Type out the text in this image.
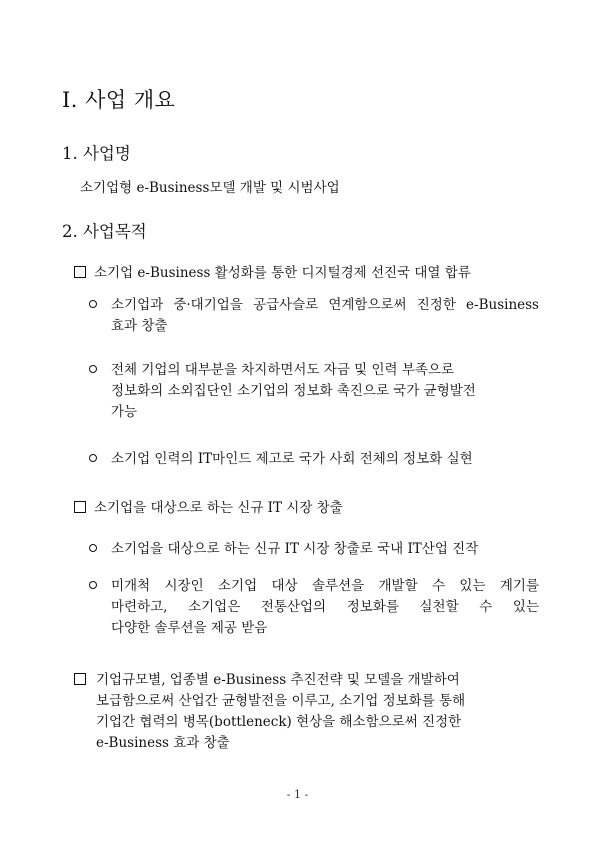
Ⅰ. 사업 개요
1. 사업명
소기업형 e-Business모델 개발 및 시범사업
2. 사업목적
소기업 e-Business 활성화를 통한 디지털경제 선진국 대열 합류
소기업과 중·대기업을 공급사슬로 연계함으로써 진정한 e-Business
효과 창출
전체 기업의 대부분을 차지하면서도 자금 및 인력 부족으로
정보화의 소외집단인 소기업의 정보화 촉진으로 국가 균형발전
가능
소기업 인력의 IT마인드 제고로 국가 사회 전체의 정보화 실현
소기업을 대상으로 하는 신규 IT 시장 창출
소기업을 대상으로 하는 신규 IT 시장 창출로 국내 IT산업 진작
미개척 시장인 소기업 대상 솔루션을 개발할 수 있는 계기를
마련하고, 소기업은 전통산업의 정보화를 실천할 수 있는
다양한 솔루션을 제공 받음
기업규모별, 업종별 e-Business 추진전략 및 모델을 개발하여
보급함으로써 산업간 균형발전을 이루고, 소기업 정보화를 통해
기업간 협력의 병목(bottleneck) 현상을 해소함으로써 진정한
e-Business 효과 창출
- 1 -
